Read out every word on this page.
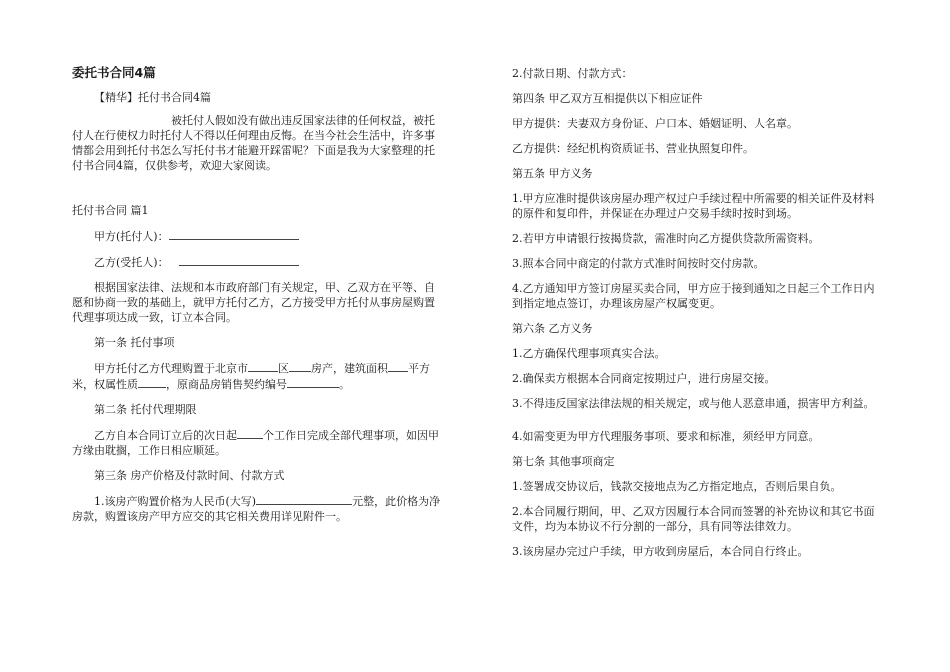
委托书合同4篇

【精华】托付书合同4篇

被托付人假如没有做出违反国家法律的任何权益，被托付人在行使权力时托付人不得以任何理由反悔。在当今社会生活中，许多事情都会用到托付书怎么写托付书才能避开踩雷呢？下面是我为大家整理的托付书合同4篇，仅供参考，欢迎大家阅读。

托付书合同 篇1

甲方(托付人)：

乙方(受托人)：

根据国家法律、法规和本市政府部门有关规定，甲、乙双方在平等、自愿和协商一致的基础上，就甲方托付乙方，乙方接受甲方托付从事房屋购置代理事项达成一致，订立本合同。

第一条 托付事项

甲方托付乙方代理购置于北京市	区 房产，建筑面积 平方米，权属性质	，原商品房销售契约编号	。

第二条 托付代理期限

乙方自本合同订立后的次日起 个工作日完成全部代理事项，如因甲方缘由耽搁，工作日相应顺延。

第三条 房产价格及付款时间、付款方式

1.该房产购置价格为人民币(大写)	元整，此价格为净房款，购置该房产甲方应交的其它相关费用详见附件一。

2.付款日期、付款方式：

第四条 甲乙双方互相提供以下相应证件

甲方提供：夫妻双方身份证、户口本、婚姻证明、人名章。

乙方提供：经纪机构资质证书、营业执照复印件。

第五条 甲方义务

1.甲方应准时提供该房屋办理产权过户手续过程中所需要的相关证件及材料的原件和复印件，并保证在办理过户交易手续时按时到场。

2.若甲方申请银行按揭贷款，需准时向乙方提供贷款所需资料。

3.照本合同中商定的付款方式准时间按时交付房款。

4.乙方通知甲方签订房屋买卖合同，甲方应于接到通知之日起三个工作日内到指定地点签订，办理该房屋产权属变更。

第六条 乙方义务

1.乙方确保代理事项真实合法。

2.确保卖方根据本合同商定按期过户，进行房屋交接。

3.不得违反国家法律法规的相关规定，或与他人恶意串通，损害甲方利益。

4.如需变更为甲方代理服务事项、要求和标准，须经甲方同意。

第七条 其他事项商定

1.签署成交协议后，钱款交接地点为乙方指定地点，否则后果自负。

2.本合同履行期间，甲、乙双方因履行本合同而签署的补充协议和其它书面文件，均为本协议不行分割的一部分，具有同等法律效力。

3.该房屋办完过户手续，甲方收到房屋后，本合同自行终止。
